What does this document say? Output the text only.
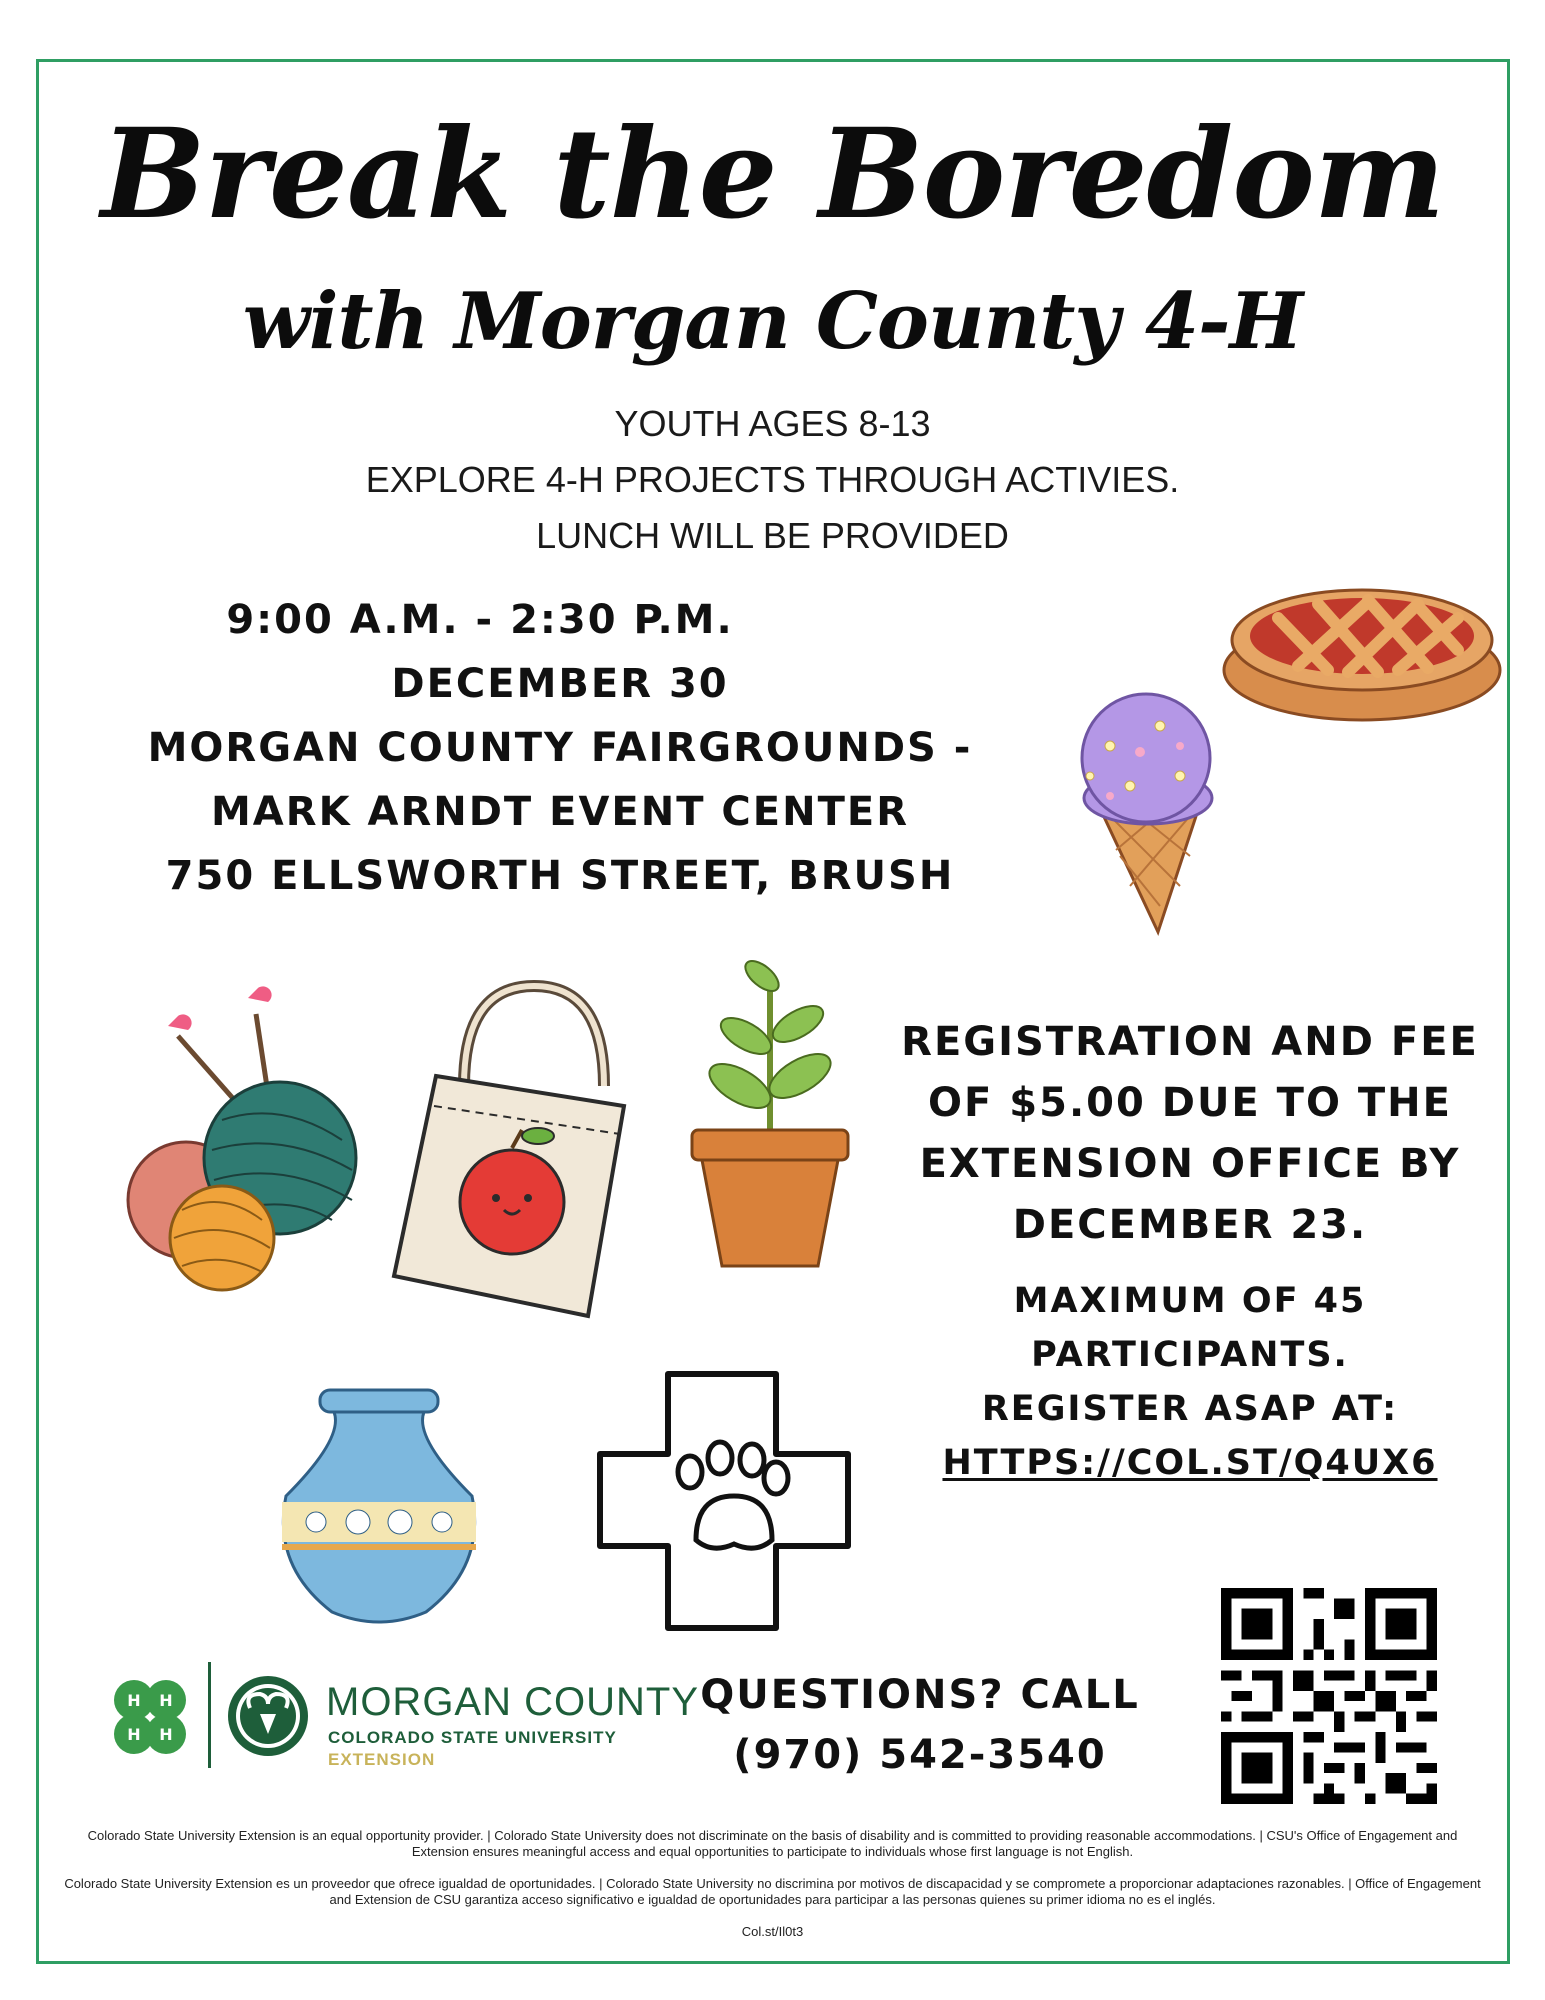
Break the Boredom
with Morgan County 4-H
YOUTH AGES 8-13
EXPLORE 4-H PROJECTS THROUGH ACTIVIES.
LUNCH WILL BE PROVIDED
9:00 A.M. - 2:30 P.M.
DECEMBER 30
MORGAN COUNTY FAIRGROUNDS -
MARK ARNDT EVENT CENTER
750 ELLSWORTH STREET, BRUSH
REGISTRATION AND FEE
OF $5.00 DUE TO THE
EXTENSION OFFICE BY
DECEMBER 23.
MAXIMUM OF 45
PARTICIPANTS.
REGISTER ASAP AT:
HTTPS://COL.ST/Q4UX6
H H
H H
MORGAN COUNTY
COLORADO STATE UNIVERSITY
EXTENSION
QUESTIONS? CALL
(970) 542-3540
Colorado State University Extension is an equal opportunity provider. | Colorado State University does not discriminate on the basis of disability and is committed to providing reasonable accommodations. | CSU's Office of Engagement and Extension ensures meaningful access and equal opportunities to participate to individuals whose first language is not English.
Colorado State University Extension es un proveedor que ofrece igualdad de oportunidades. | Colorado State University no discrimina por motivos de discapacidad y se compromete a proporcionar adaptaciones razonables. | Office of Engagement and Extension de CSU garantiza acceso significativo e igualdad de oportunidades para participar a las personas quienes su primer idioma no es el inglés.
Col.st/Il0t3
